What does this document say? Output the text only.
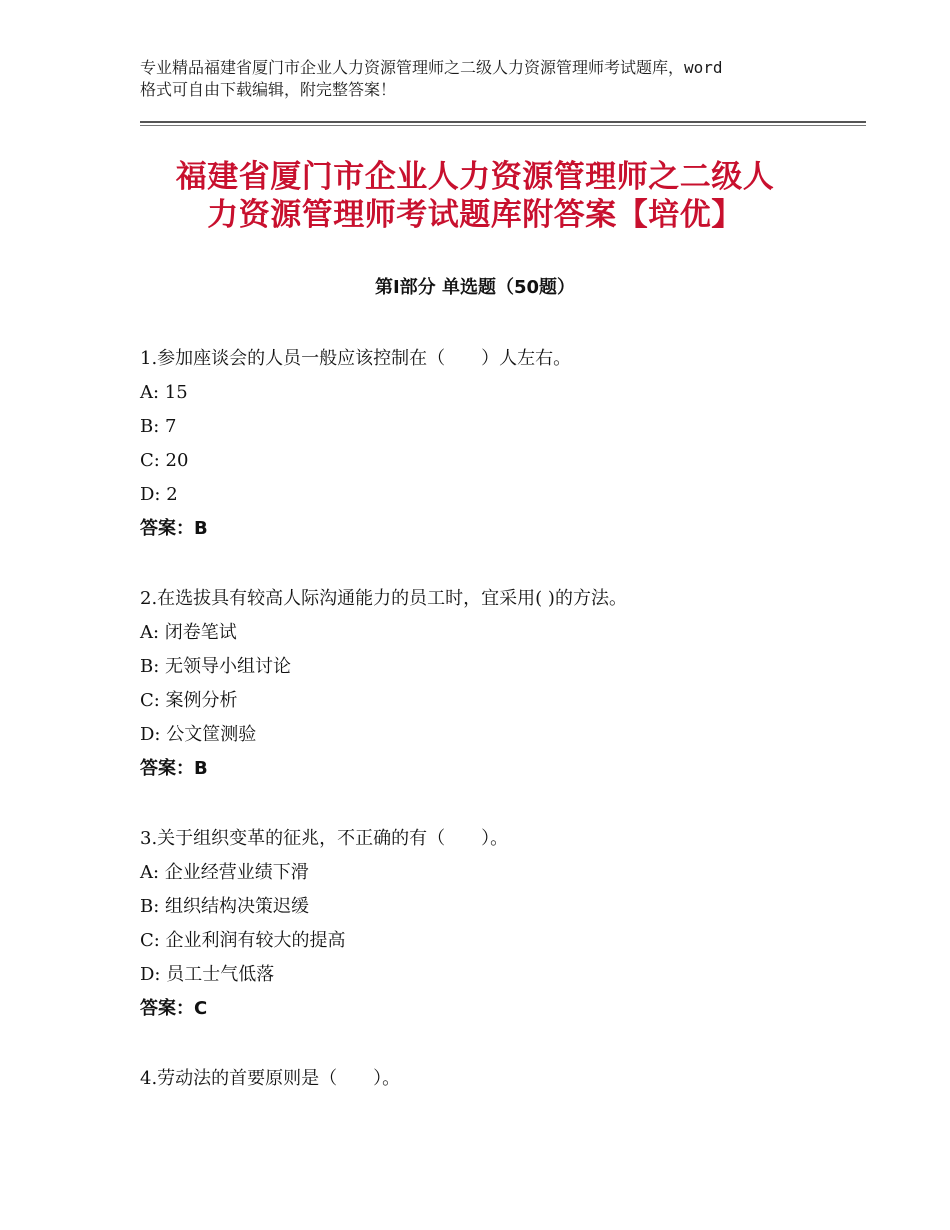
专业精品福建省厦门市企业人力资源管理师之二级人力资源管理师考试题库，word
格式可自由下载编辑，附完整答案！
福建省厦门市企业人力资源管理师之二级人
力资源管理师考试题库附答案【培优】
第Ⅰ部分 单选题（50题）
1.参加座谈会的人员一般应该控制在（　　）人左右。
A: 15
B: 7
C: 20
D: 2
答案：B
2.在选拔具有较高人际沟通能力的员工时，宜采用( )的方法。
A: 闭卷笔试
B: 无领导小组讨论
C: 案例分析
D: 公文筐测验
答案：B
3.关于组织变革的征兆，不正确的有（　　）。
A: 企业经营业绩下滑
B: 组织结构决策迟缓
C: 企业利润有较大的提高
D: 员工士气低落
答案：C
4.劳动法的首要原则是（　　）。
